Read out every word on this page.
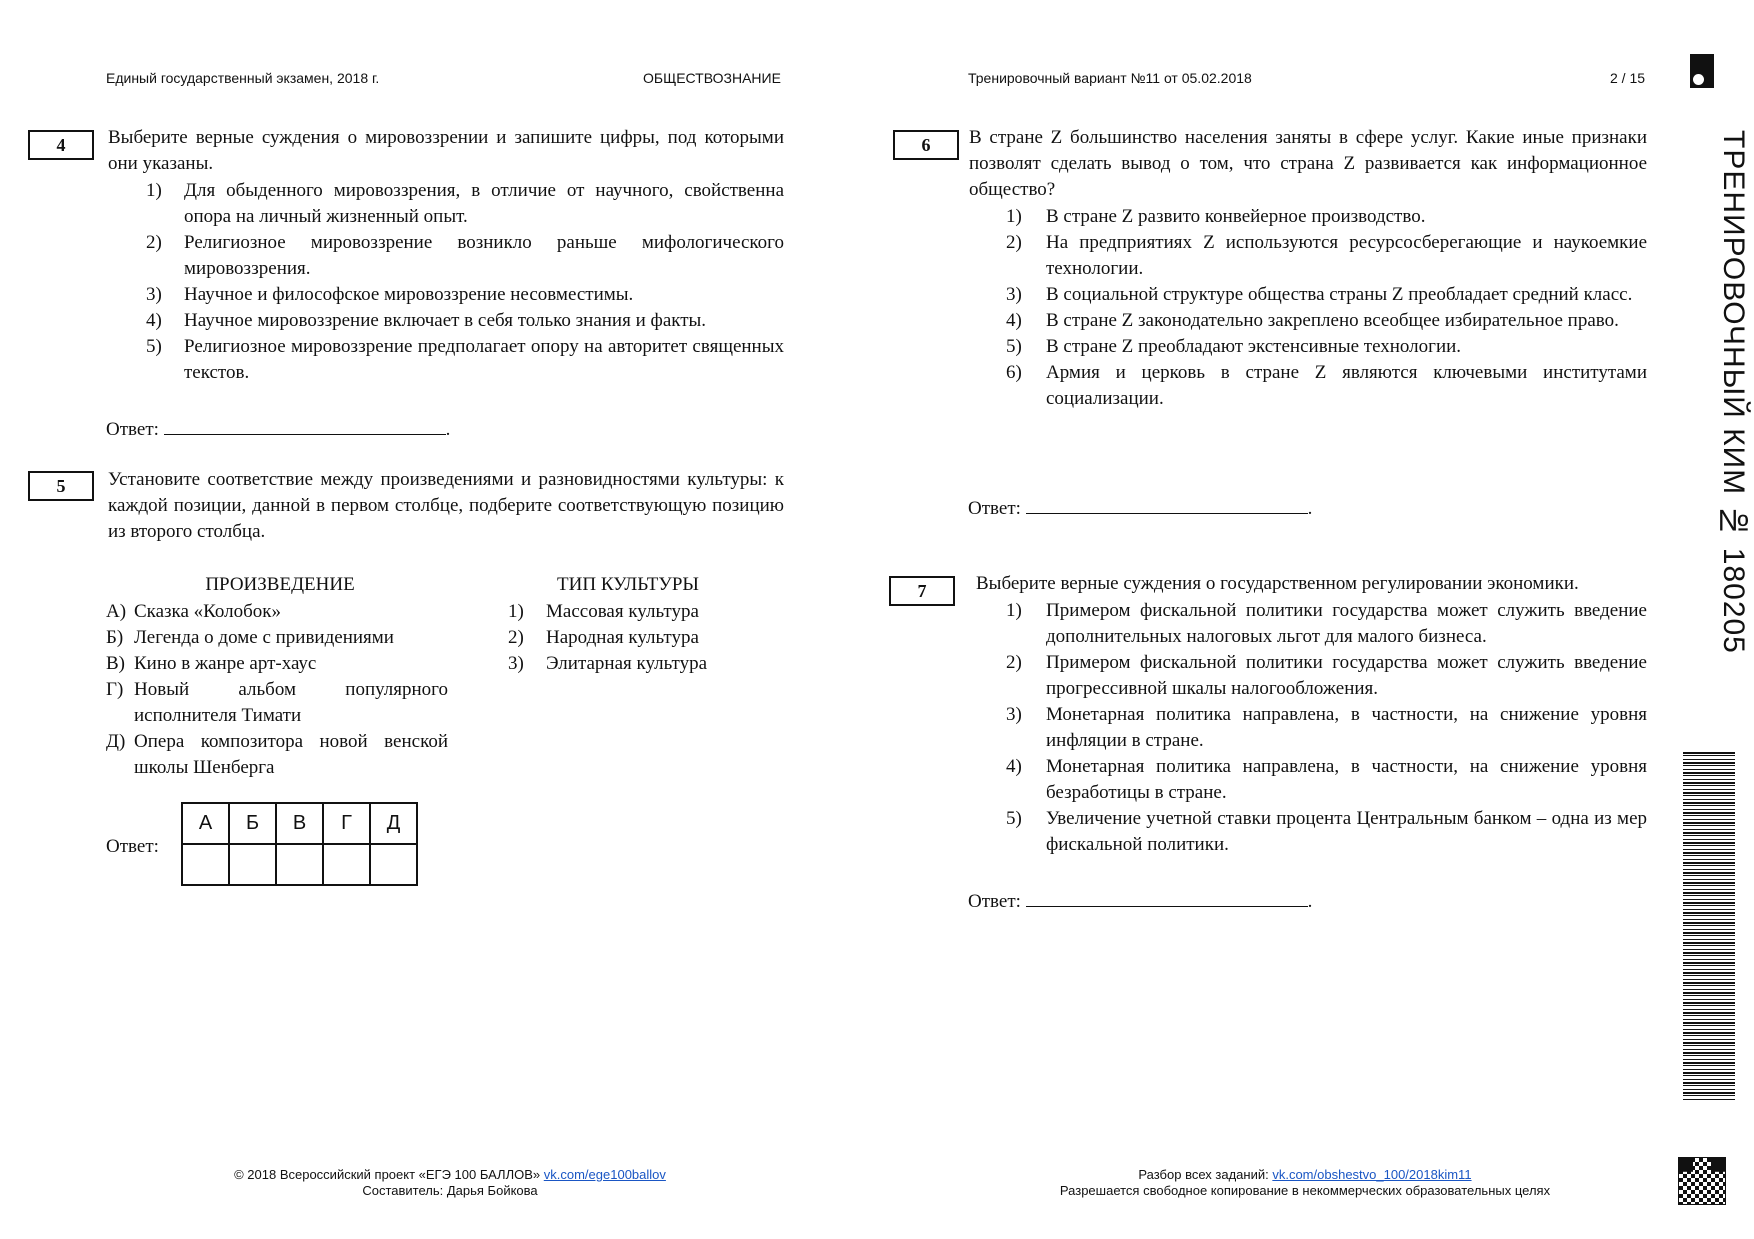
Единый государственный экзамен, 2018 г.	ОБЩЕСТВОЗНАНИЕ	Тренировочный вариант №11 от 05.02.2018	2 / 15
4	Выберите верные суждения о мировоззрении и запишите цифры, под которыми они указаны.
1)	Для обыденного мировоззрения, в отличие от научного, свойственна опора на личный жизненный опыт.
2)	Религиозное мировоззрение возникло раньше мифологического мировоззрения.
3)	Научное и философское мировоззрение несовместимы.
4)	Научное мировоззрение включает в себя только знания и факты.
5)	Религиозное мировоззрение предполагает опору на авторитет священных текстов.
Ответ:	.
5	Установите соответствие между произведениями и разновидностями культуры: к каждой позиции, данной в первом столбце, подберите соответствующую позицию из второго столбца.
ПРОИЗВЕДЕНИЕ	ТИП КУЛЬТУРЫ
А) Сказка «Колобок»
Б) Легенда о доме с привидениями
В) Кино в жанре арт-хаус
Г) Новый альбом популярного исполнителя Тимати
Д) Опера композитора новой венской школы Шенберга
1)	Массовая культура
2)	Народная культура
3)	Элитарная культура
Ответ:
А	Б	В	Г	Д

6	В стране Z большинство населения заняты в сфере услуг. Какие иные признаки позволят сделать вывод о том, что страна Z развивается как информационное общество?
1)	В стране Z развито конвейерное производство.
2)	На предприятиях Z используются ресурсосберегающие и наукоемкие технологии.
3)	В социальной структуре общества страны Z преобладает средний класс.
4)	В стране Z законодательно закреплено всеобщее избирательное право.
5)	В стране Z преобладают экстенсивные технологии.
6)	Армия и церковь в стране Z являются ключевыми институтами социализации.
Ответ:	.
7	Выберите верные суждения о государственном регулировании экономики.
1)	Примером фискальной политики государства может служить введение дополнительных налоговых льгот для малого бизнеса.
2)	Примером фискальной политики государства может служить введение прогрессивной шкалы налогообложения.
3)	Монетарная политика направлена, в частности, на снижение уровня инфляции в стране.
4)	Монетарная политика направлена, в частности, на снижение уровня безработицы в стране.
5)	Увеличение учетной ставки процента Центральным банком – одна из мер фискальной политики.
Ответ:	.
© 2018 Всероссийский проект «ЕГЭ 100 БАЛЛОВ» vk.com/ege100ballov
Составитель: Дарья Бойкова
Разбор всех заданий: vk.com/obshestvo_100/2018kim11
Разрешается свободное копирование в некоммерческих образовательных целях
ТРЕНИРОВОЧНЫЙ КИМ № 180205
